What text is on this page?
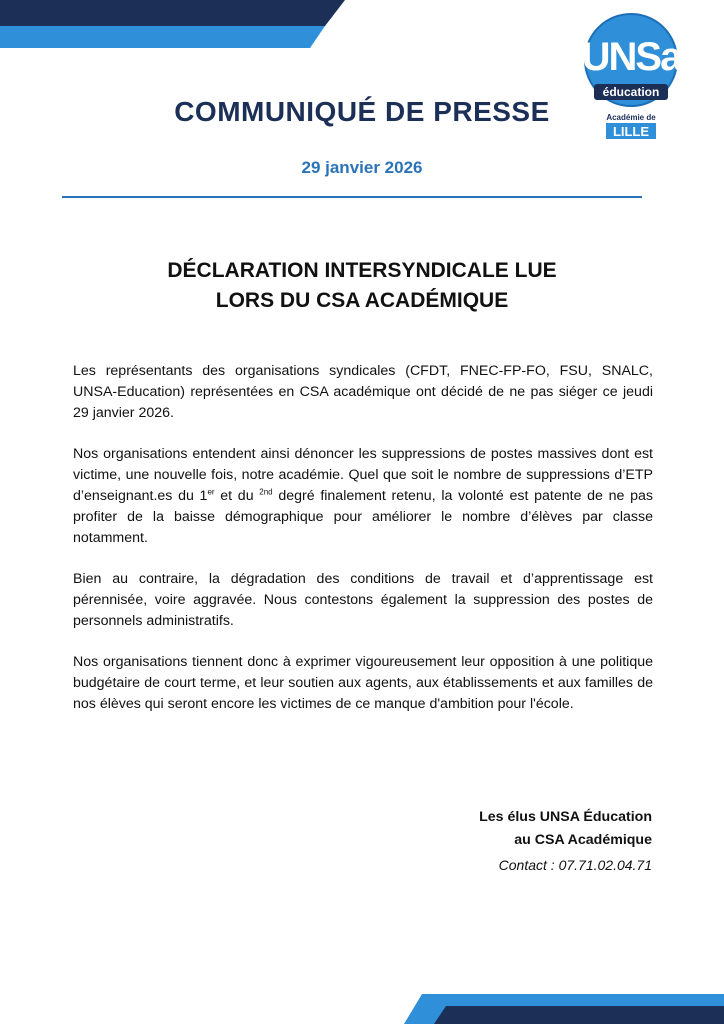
UNSa
éducation
Académie de
LILLE
COMMUNIQUÉ DE PRESSE
29 janvier 2026
DÉCLARATION INTERSYNDICALE LUE
LORS DU CSA ACADÉMIQUE

Les représentants des organisations syndicales (CFDT, FNEC-FP-FO, FSU, SNALC, UNSA-Education) représentées en CSA académique ont décidé de ne pas siéger ce jeudi 29 janvier 2026.

Nos organisations entendent ainsi dénoncer les suppressions de postes massives dont est victime, une nouvelle fois, notre académie. Quel que soit le nombre de suppressions d’ETP d’enseignant.es du 1er et du $^{2nd}$ degré finalement retenu, la volonté est patente de ne pas profiter de la baisse démographique pour améliorer le nombre d’élèves par classe notamment.

Bien au contraire, la dégradation des conditions de travail et d’apprentissage est pérennisée, voire aggravée. Nous contestons également la suppression des postes de personnels administratifs.

Nos organisations tiennent donc à exprimer vigoureusement leur opposition à une politique budgétaire de court terme, et leur soutien aux agents, aux établissements et aux familles de nos élèves qui seront encore les victimes de ce manque d'ambition pour l'école.

Les élus UNSA Éducation
au CSA Académique
Contact : 07.71.02.04.71
